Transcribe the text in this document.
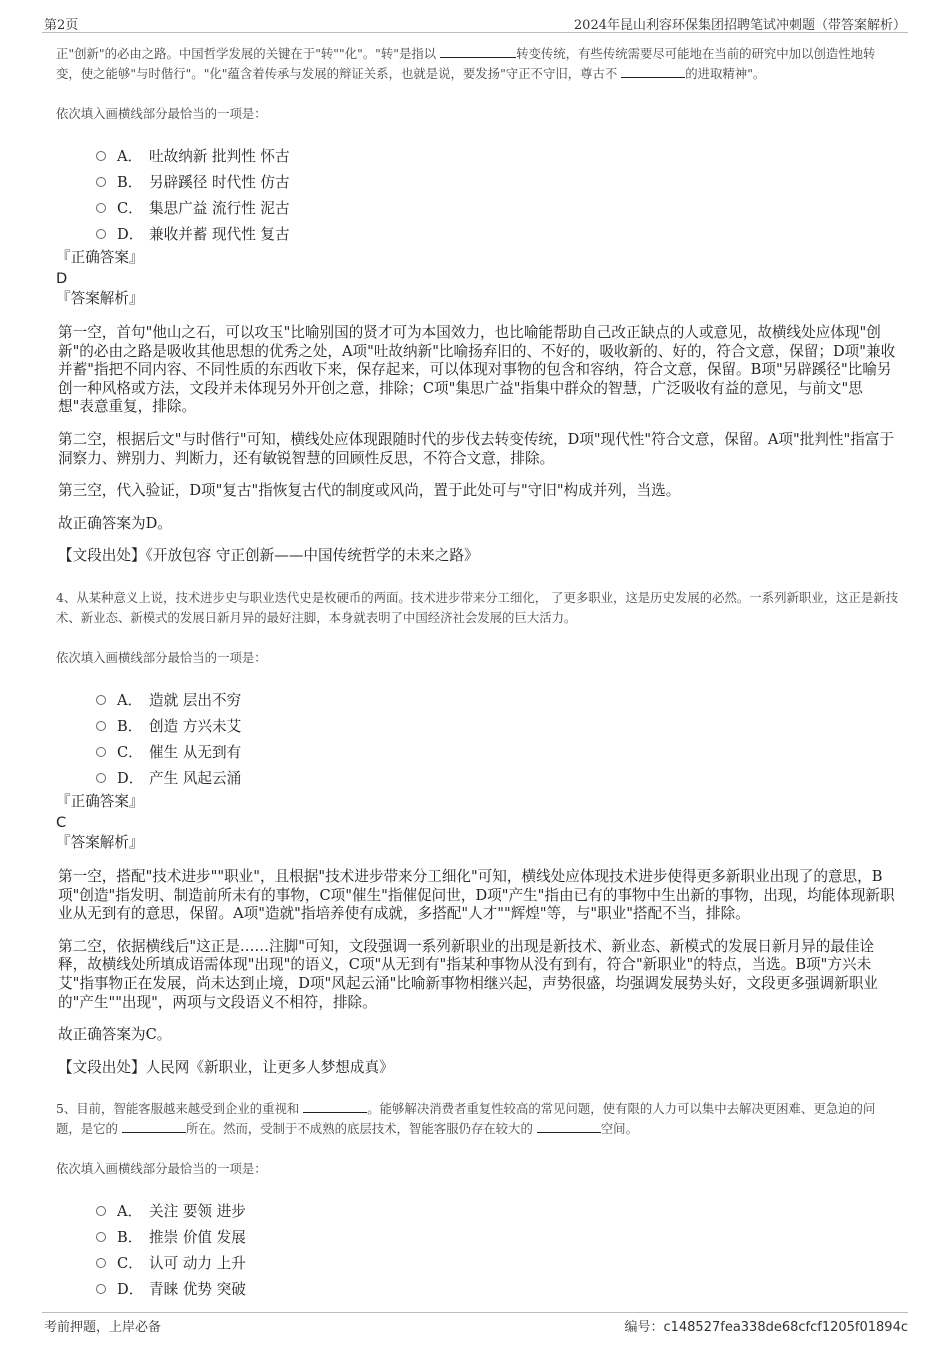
第2页	2024年昆山利容环保集团招聘笔试冲刺题（带答案解析）

正"创新"的必由之路。中国哲学发展的关键在于"转""化"。"转"是指以	转变传统，有些传统需要尽可能地在当前的研究中加以创造性地转变，使之能够"与时偕行"。"化"蕴含着传承与发展的辩证关系，也就是说，要发扬"守正不守旧，尊古不	的进取精神"。

依次填入画横线部分最恰当的一项是：

A． 吐故纳新 批判性 怀古
B． 另辟蹊径 时代性 仿古
C． 集思广益 流行性 泥古
D． 兼收并蓄 现代性 复古

『正确答案』

D

『答案解析』

第一空，首句"他山之石，可以攻玉"比喻别国的贤才可为本国效力，也比喻能帮助自己改正缺点的人或意见，故横线处应体现"创新"的必由之路是吸收其他思想的优秀之处，A项"吐故纳新"比喻扬弃旧的、不好的，吸收新的、好的，符合文意，保留；D项"兼收并蓄"指把不同内容、不同性质的东西收下来，保存起来，可以体现对事物的包含和容纳，符合文意，保留。B项"另辟蹊径"比喻另创一种风格或方法，文段并未体现另外开创之意，排除；C项"集思广益"指集中群众的智慧，广泛吸收有益的意见，与前文"思想"表意重复，排除。

第二空，根据后文"与时偕行"可知，横线处应体现跟随时代的步伐去转变传统，D项"现代性"符合文意，保留。A项"批判性"指富于洞察力、辨别力、判断力，还有敏锐智慧的回顾性反思，不符合文意，排除。

第三空，代入验证，D项"复古"指恢复古代的制度或风尚，置于此处可与"守旧"构成并列，当选。

故正确答案为D。

【文段出处】《开放包容 守正创新——中国传统哲学的未来之路》

4、从某种意义上说，技术进步史与职业迭代史是枚硬币的两面。技术进步带来分工细化， 了更多职业，这是历史发展的必然。一系列新职业，这正是新技术、新业态、新模式的发展日新月异的最好注脚，本身就表明了中国经济社会发展的巨大活力。

依次填入画横线部分最恰当的一项是：

A． 造就 层出不穷
B． 创造 方兴未艾
C． 催生 从无到有
D． 产生 风起云涌

『正确答案』

C

『答案解析』

第一空，搭配"技术进步""职业"，且根据"技术进步带来分工细化"可知，横线处应体现技术进步使得更多新职业出现了的意思，B项"创造"指发明、制造前所未有的事物，C项"催生"指催促问世，D项"产生"指由已有的事物中生出新的事物，出现，均能体现新职业从无到有的意思，保留。A项"造就"指培养使有成就，多搭配"人才""辉煌"等，与"职业"搭配不当，排除。

第二空，依据横线后"这正是……注脚"可知，文段强调一系列新职业的出现是新技术、新业态、新模式的发展日新月异的最佳诠释，故横线处所填成语需体现"出现"的语义，C项"从无到有"指某种事物从没有到有，符合"新职业"的特点，当选。B项"方兴未艾"指事物正在发展，尚未达到止境，D项"风起云涌"比喻新事物相继兴起，声势很盛，均强调发展势头好，文段更多强调新职业的"产生""出现"，两项与文段语义不相符，排除。

故正确答案为C。

【文段出处】人民网《新职业，让更多人梦想成真》

5、目前，智能客服越来越受到企业的重视和	。能够解决消费者重复性较高的常见问题，使有限的人力可以集中去解决更困难、更急迫的问题，是它的	所在。然而，受制于不成熟的底层技术，智能客服仍存在较大的	空间。

依次填入画横线部分最恰当的一项是：

A． 关注 要领 进步
B． 推崇 价值 发展
C． 认可 动力 上升
D． 青睐 优势 突破
考前押题，上岸必备	编号：c148527fea338de68cfcf1205f01894c
